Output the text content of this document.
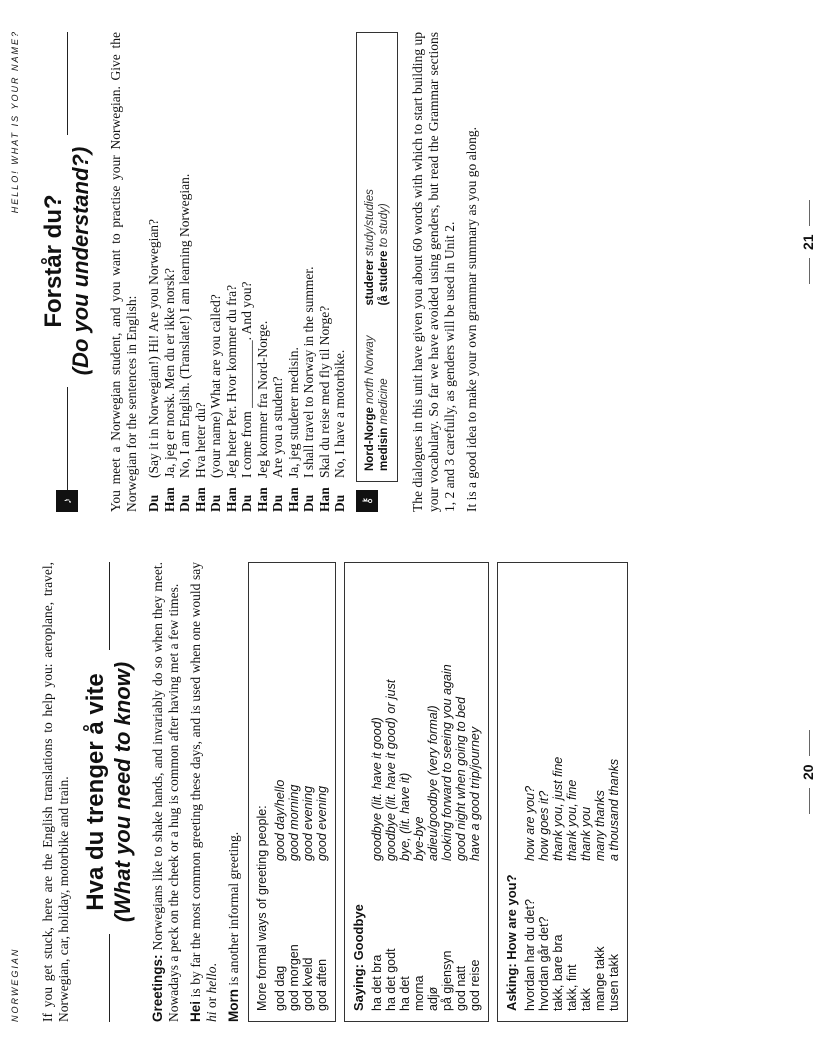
NORWEGIAN If you get stuck, here are the English translations to help you: aeroplane, travel, Norwegian, car, holiday, motorbike and train. Hva du trenger å vite (What you need to know)

Greetings: Norwegians like to shake hands, and invariably do so when they meet. Nowadays a peck on the cheek or a hug is common after having met a few times. Hei is by far the most common greeting these days, and is used when one would say hi or hello.

Morn is another informal greeting. More formal ways of greeting people: god dag
good day/hello
god morgen
good morning
god kveld
good evening
god aften
good evening
Saying: Goodbye ha det bra
goodbye (lit. have it good)
ha det godt
goodbye (lit. have it good) or just
ha det
bye, (lit. have it)
morna
bye-bye
adjø
adieu/goodbye (very formal)
på gjensyn
looking forward to seeing you again
god natt
good night when going to bed
god reise
have a good trip/journey
Asking: How are you? hvordan har du det?
how are you?
hvordan går det?
how goes it?
takk, bare bra
thank you, just fine
takk, fint
thank you, fine
takk
thank you
mange takk
many thanks
tusen takk
a thousand thanks	20
HELLO! WHAT IS YOUR NAME?
♪
Forstår du? (Do you understand?) You meet a Norwegian student, and you want to practise your Norwegian. Give the Norwegian for the sentences in English: Du
(Say it in Norwegian!) Hi! Are you Norwegian?
Han
Ja, jeg er norsk. Men du er ikke norsk?
Du
No, I am English. (Translate!) I am learning Norwegian.
Han
Hva heter du?
Du
(your name) What are you called?
Han
Jeg heter Per. Hvor kommer du fra?
Du
I come from __________. And you?
Han
Jeg kommer fra Nord-Norge.
Du
Are you a student?
Han
Ja, jeg studerer medisin.
Du
I shall travel to Norway in the summer.
Han
Skal du reise med fly til Norge?
Du
No, I have a motorbike.
⚷
Nord-Norge north Norway
medisin medicine
studerer study/studies
(å studere to study) The dialogues in this unit have given you about 60 words with which to start building up your vocabulary. So far we have avoided using genders, but read the Grammar sections 1, 2 and 3 carefully, as genders will be used in Unit 2. It is a good idea to make your own grammar summary as you go along.	21
